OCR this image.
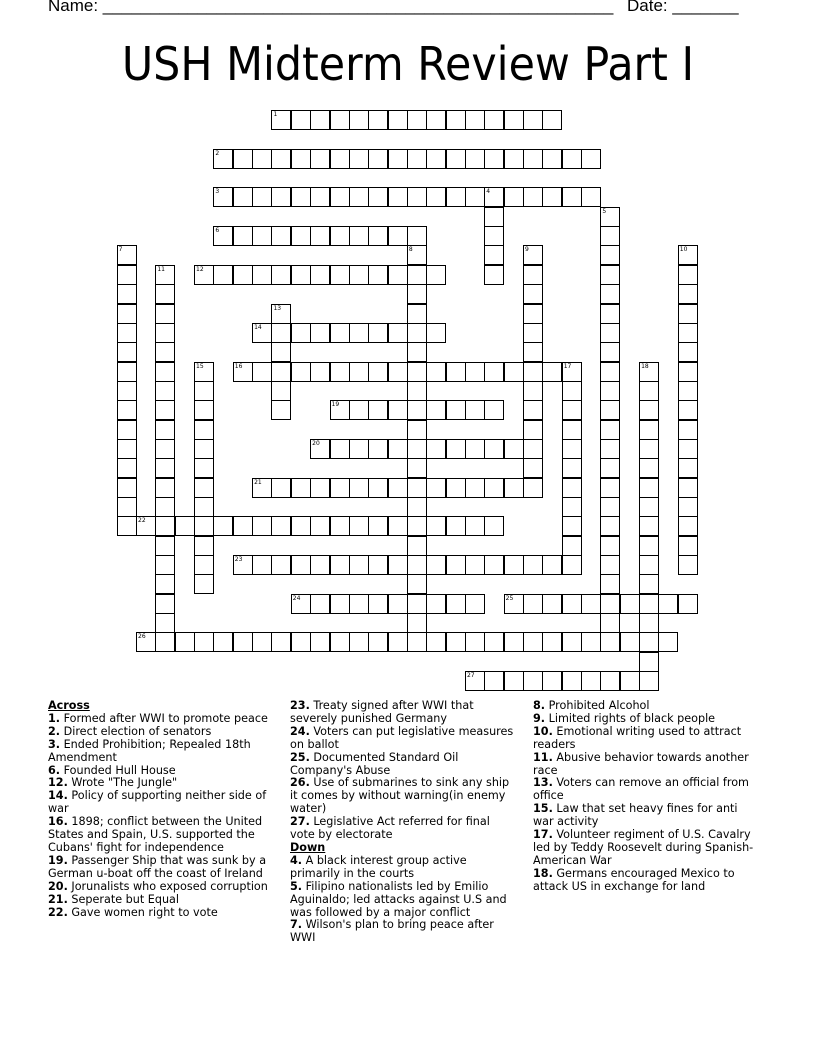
Name: ______________________________________________________ Date: _______
USH Midterm Review Part I
1
2
3	4
5
6
7	8	9	10
11	12
13
14
15	16	17	18
19
20
21
22
23
24	25
26
27
Across
1. Formed after WWI to promote peace
2. Direct election of senators
3. Ended Prohibition; Repealed 18th Amendment
6. Founded Hull House
12. Wrote "The Jungle"
14. Policy of supporting neither side of war
16. 1898; conflict between the United States and Spain, U.S. supported the Cubans' fight for independence
19. Passenger Ship that was sunk by a German u-boat off the coast of Ireland
20. Jorunalists who exposed corruption
21. Seperate but Equal
22. Gave women right to vote
23. Treaty signed after WWI that severely punished Germany
24. Voters can put legislative measures on ballot
25. Documented Standard Oil Company's Abuse
26. Use of submarines to sink any ship it comes by without warning(in enemy water)
27. Legislative Act referred for final vote by electorate
Down
4. A black interest group active primarily in the courts
5. Filipino nationalists led by Emilio Aguinaldo; led attacks against U.S and was followed by a major conflict
7. Wilson's plan to bring peace after WWI
8. Prohibited Alcohol
9. Limited rights of black people
10. Emotional writing used to attract readers
11. Abusive behavior towards another race
13. Voters can remove an official from office
15. Law that set heavy fines for anti war activity
17. Volunteer regiment of U.S. Cavalry led by Teddy Roosevelt during Spanish-American War
18. Germans encouraged Mexico to attack US in exchange for land
